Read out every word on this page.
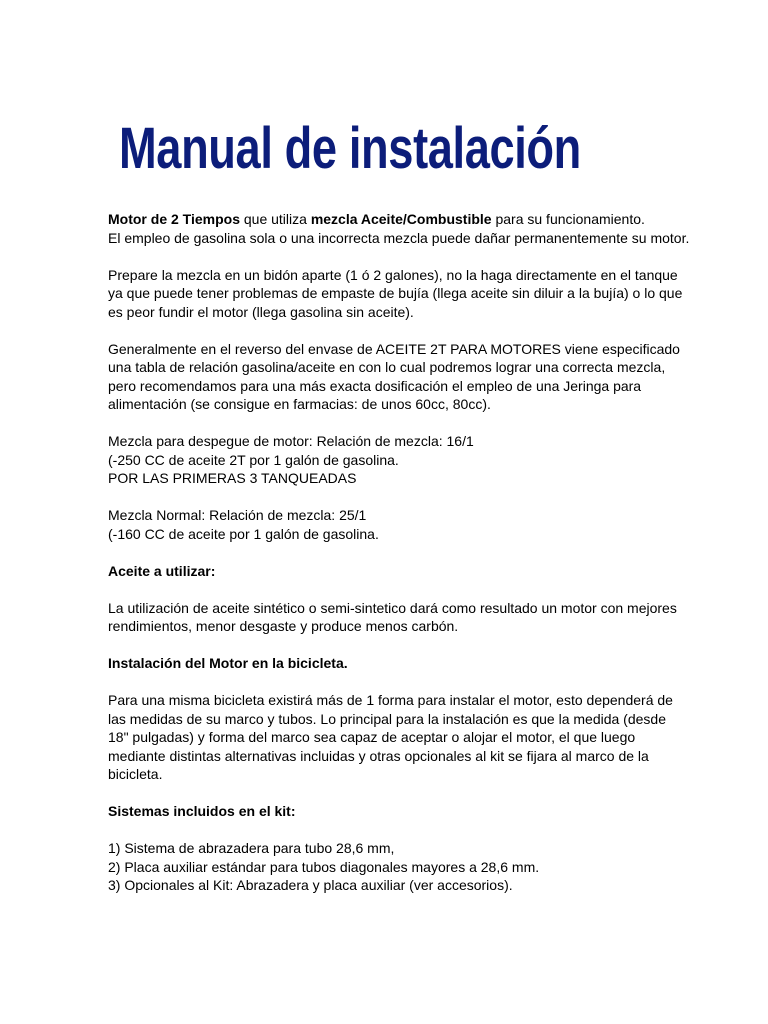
Manual de instalación
Motor de 2 Tiempos que utiliza mezcla Aceite/Combustible para su funcionamiento.
El empleo de gasolina sola o una incorrecta mezcla puede dañar permanentemente su motor.
Prepare la mezcla en un bidón aparte (1 ó 2 galones), no la haga directamente en el tanque
ya que puede tener problemas de empaste de bujía (llega aceite sin diluir a la bujía) o lo que
es peor fundir el motor (llega gasolina sin aceite).
Generalmente en el reverso del envase de ACEITE 2T PARA MOTORES viene especificado
una tabla de relación gasolina/aceite en con lo cual podremos lograr una correcta mezcla,
pero recomendamos para una más exacta dosificación el empleo de una Jeringa para
alimentación (se consigue en farmacias: de unos 60cc, 80cc).
Mezcla para despegue de motor: Relación de mezcla: 16/1
(-250 CC de aceite 2T por 1 galón de gasolina.
POR LAS PRIMERAS 3 TANQUEADAS
Mezcla Normal: Relación de mezcla: 25/1
(-160 CC de aceite por 1 galón de gasolina.
Aceite a utilizar:
La utilización de aceite sintético o semi-sintetico dará como resultado un motor con mejores
rendimientos, menor desgaste y produce menos carbón.
Instalación del Motor en la bicicleta.
Para una misma bicicleta existirá más de 1 forma para instalar el motor, esto dependerá de
las medidas de su marco y tubos. Lo principal para la instalación es que la medida (desde
18" pulgadas) y forma del marco sea capaz de aceptar o alojar el motor, el que luego
mediante distintas alternativas incluidas y otras opcionales al kit se fijara al marco de la
bicicleta.
Sistemas incluidos en el kit:
1) Sistema de abrazadera para tubo 28,6 mm,
2) Placa auxiliar estándar para tubos diagonales mayores a 28,6 mm.
3) Opcionales al Kit: Abrazadera y placa auxiliar (ver accesorios).
